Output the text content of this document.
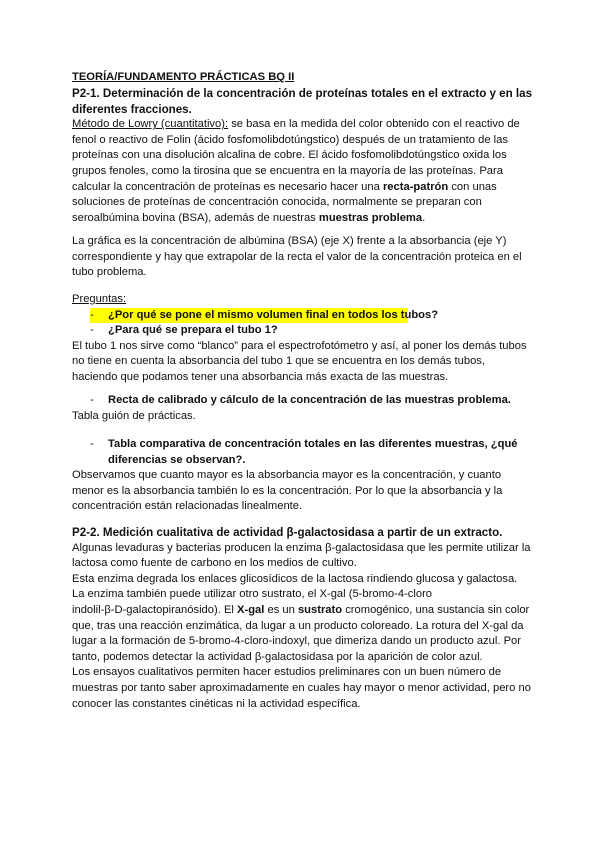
TEORÍA/FUNDAMENTO PRÁCTICAS BQ II
P2-1. Determinación de la concentración de proteínas totales en el extracto y en las
diferentes fracciones.
Método de Lowry (cuantitativo): se basa en la medida del color obtenido con el reactivo de
fenol o reactivo de Folin (ácido fosfomolibdotúngstico) después de un tratamiento de las
proteínas con una disolución alcalina de cobre. El ácido fosfomolibdotúngstico oxida los
grupos fenoles, como la tirosina que se encuentra en la mayoría de las proteínas. Para
calcular la concentración de proteínas es necesario hacer una recta-patrón con unas
soluciones de proteínas de concentración conocida, normalmente se preparan con
seroalbúmina bovina (BSA), además de nuestras muestras problema.
La gráfica es la concentración de albúmina (BSA) (eje X) frente a la absorbancia (eje Y)
correspondiente y hay que extrapolar de la recta el valor de la concentración proteica en el
tubo problema.
Preguntas:
- ¿Por qué se pone el mismo volumen final en todos los tubos?
- ¿Para qué se prepara el tubo 1?
El tubo 1 nos sirve como “blanco” para el espectrofotómetro y así, al poner los demás tubos
no tiene en cuenta la absorbancia del tubo 1 que se encuentra en los demás tubos,
haciendo que podamos tener una absorbancia más exacta de las muestras.
- Recta de calibrado y cálculo de la concentración de las muestras problema.
Tabla guión de prácticas.
- Tabla comparativa de concentración totales en las diferentes muestras, ¿qué
diferencias se observan?.
Observamos que cuanto mayor es la absorbancia mayor es la concentración, y cuanto
menor es la absorbancia también lo es la concentración. Por lo que la absorbancia y la
concentración están relacionadas linealmente.
P2-2. Medición cualitativa de actividad β-galactosidasa a partir de un extracto.
Algunas levaduras y bacterias producen la enzima β-galactosidasa que les permite utilizar la
lactosa como fuente de carbono en los medios de cultivo.
Esta enzima degrada los enlaces glicosídicos de la lactosa rindiendo glucosa y galactosa.
La enzima también puede utilizar otro sustrato, el X-gal (5-bromo-4-cloro
indolil-β-D-galactopiranósido). El X-gal es un sustrato cromogénico, una sustancia sin color
que, tras una reacción enzimática, da lugar a un producto coloreado. La rotura del X-gal da
lugar a la formación de 5-bromo-4-cloro-indoxyl, que dimeriza dando un producto azul. Por
tanto, podemos detectar la actividad β-galactosidasa por la aparición de color azul.
Los ensayos cualitativos permiten hacer estudios preliminares con un buen número de
muestras por tanto saber aproximadamente en cuales hay mayor o menor actividad, pero no
conocer las constantes cinéticas ni la actividad específica.
